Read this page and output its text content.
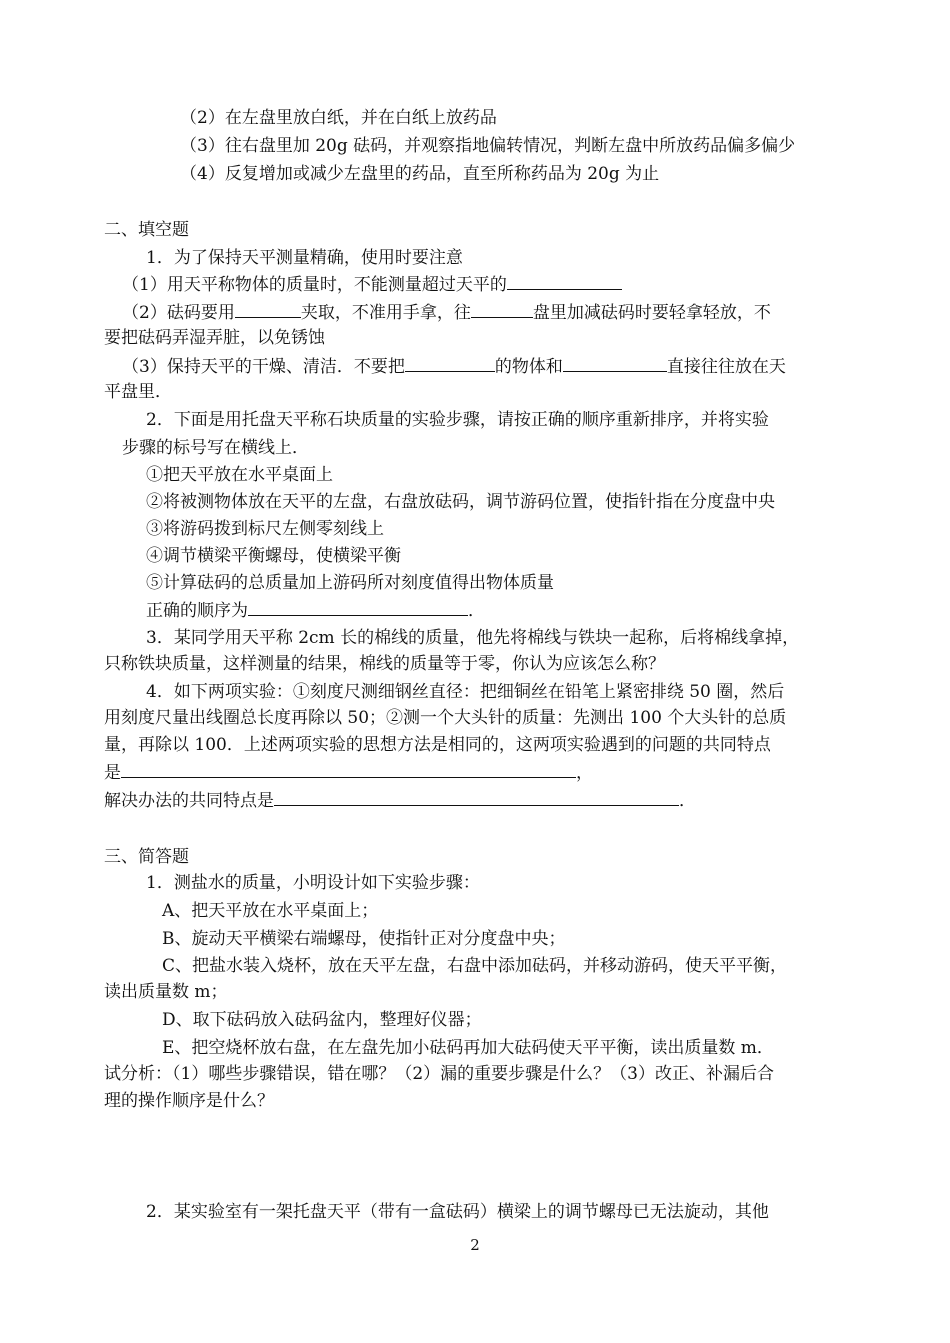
（2）在左盘里放白纸，并在白纸上放药品
（3）往右盘里加 20g 砝码，并观察指地偏转情况，判断左盘中所放药品偏多偏少
（4）反复增加或减少左盘里的药品，直至所称药品为 20g 为止
二、填空题
1．为了保持天平测量精确，使用时要注意
（1）用天平称物体的质量时，不能测量超过天平的
（2）砝码要用	夹取，不准用手拿，往	盘里加减砝码时要轻拿轻放，不
要把砝码弄湿弄脏，以免锈蚀
（3）保持天平的干燥、清洁．不要把	的物体和	直接往往放在天
平盘里．
2．下面是用托盘天平称石块质量的实验步骤，请按正确的顺序重新排序，并将实验
步骤的标号写在横线上．
①把天平放在水平桌面上
②将被测物体放在天平的左盘，右盘放砝码，调节游码位置，使指针指在分度盘中央
③将游码拨到标尺左侧零刻线上
④调节横梁平衡螺母，使横梁平衡
⑤计算砝码的总质量加上游码所对刻度值得出物体质量
正确的顺序为	．
3．某同学用天平称 2cm 长的棉线的质量，他先将棉线与铁块一起称，后将棉线拿掉，
只称铁块质量，这样测量的结果，棉线的质量等于零，你认为应该怎么称？
4．如下两项实验：①刻度尺测细钢丝直径：把细铜丝在铅笔上紧密排绕 50 圈，然后
用刻度尺量出线圈总长度再除以 50；②测一个大头针的质量：先测出 100 个大头针的总质
量，再除以 100．上述两项实验的思想方法是相同的，这两项实验遇到的问题的共同特点
是	，
解决办法的共同特点是	．
三、简答题
1．测盐水的质量，小明设计如下实验步骤：
A、把天平放在水平桌面上；
B、旋动天平横梁右端螺母，使指针正对分度盘中央；
C、把盐水装入烧杯，放在天平左盘，右盘中添加砝码，并移动游码，使天平平衡，
读出质量数 m；
D、取下砝码放入砝码盆内，整理好仪器；
E、把空烧杯放右盘，在左盘先加小砝码再加大砝码使天平平衡，读出质量数 m．
试分析：（1）哪些步骤错误，错在哪？（2）漏的重要步骤是什么？（3）改正、补漏后合
理的操作顺序是什么？
2．某实验室有一架托盘天平（带有一盒砝码）横梁上的调节螺母已无法旋动，其他
2
